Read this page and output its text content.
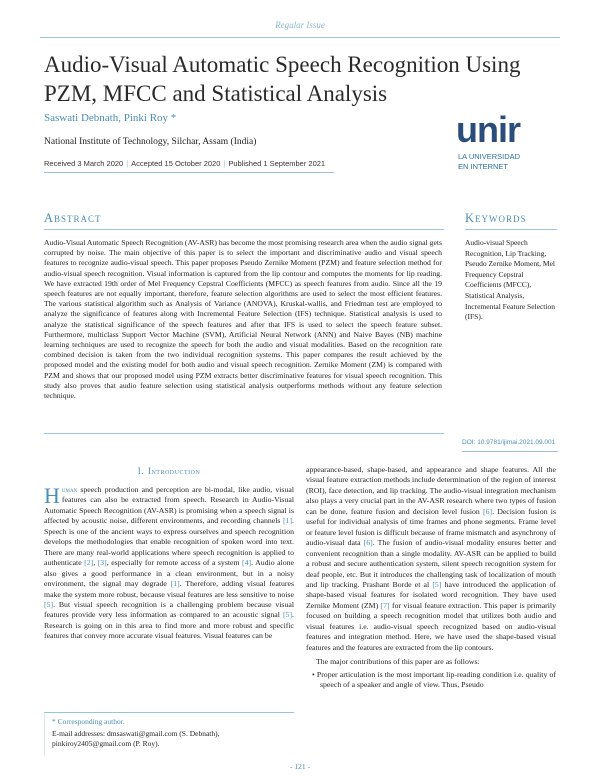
Regular Issue
Audio-Visual Automatic Speech Recognition Using
PZM, MFCC and Statistical Analysis
Saswati Debnath, Pinki Roy *
National Institute of Technology, Silchar, Assam (India)	unir
LA UNIVERSIDAD
EN INTERNET
Received 3 March 2020 | Accepted 15 October 2020 | Published 1 September 2021
Abstract	Keywords
Audio-Visual Automatic Speech Recognition (AV-ASR) has become the most promising research area when the audio signal gets corrupted by noise. The main objective of this paper is to select the important and discriminative audio and visual speech features to recognize audio-visual speech. This paper proposes Pseudo Zernike Moment (PZM) and feature selection method for audio-visual speech recognition. Visual information is captured from the lip contour and computes the moments for lip reading. We have extracted 19th order of Mel Frequency Cepstral Coefficients (MFCC) as speech features from audio. Since all the 19 speech features are not equally important, therefore, feature selection algorithms are used to select the most efficient features. The various statistical algorithm such as Analysis of Variance (ANOVA), Kruskal-wallis, and Friedman test are employed to analyze the significance of features along with Incremental Feature Selection (IFS) technique. Statistical analysis is used to analyze the statistical significance of the speech features and after that IFS is used to select the speech feature subset. Furthermore, multiclass Support Vector Machine (SVM), Artificial Neural Network (ANN) and Naive Bayes (NB) machine learning techniques are used to recognize the speech for both the audio and visual modalities. Based on the recognition rate combined decision is taken from the two individual recognition systems. This paper compares the result achieved by the proposed model and the existing model for both audio and visual speech recognition. Zernike Moment (ZM) is compared with PZM and shows that our proposed model using PZM extracts better discriminative features for visual speech recognition. This study also proves that audio feature selection using statistical analysis outperforms methods without any feature selection technique.
Audio-visual Speech Recognition, Lip Tracking, Pseudo Zernike Moment, Mel Frequency Cepstral Coefficients (MFCC), Statistical Analysis, Incremental Feature Selection (IFS).
DOI: 10.9781/ijimai.2021.09.001
I. Introduction
Human speech production and perception are bi-modal, like audio, visual features can also be extracted from speech. Research in Audio-Visual Automatic Speech Recognition (AV-ASR) is promising when a speech signal is affected by acoustic noise, different environments, and recording channels [1]. Speech is one of the ancient ways to express ourselves and speech recognition develops the methodologies that enable recognition of spoken word into text. There are many real-world applications where speech recognition is applied to authenticate [2], [3], especially for remote access of a system [4]. Audio alone also gives a good performance in a clean environment, but in a noisy environment, the signal may degrade [1]. Therefore, adding visual features make the system more robust, because visual features are less sensitive to noise [5]. But visual speech recognition is a challenging problem because visual features provide very less information as compared to an acoustic signal [5]. Research is going on in this area to find more and more robust and specific features that convey more accurate visual features. Visual features can be
appearance-based, shape-based, and appearance and shape features. All the visual feature extraction methods include determination of the region of interest (ROI), face detection, and lip tracking. The audio-visual integration mechanism also plays a very crucial part in the AV-ASR research where two types of fusion can be done, feature fusion and decision level fusion [6]. Decision fusion is useful for individual analysis of time frames and phone segments. Frame level or feature level fusion is difficult because of frame mismatch and asynchrony of audio-visual data [6]. The fusion of audio-visual modality ensures better and convenient recognition than a single modality. AV-ASR can be applied to build a robust and secure authentication system, silent speech recognition system for deaf people, etc. But it introduces the challenging task of localization of mouth and lip tracking. Prashant Borde et al [5] have introduced the application of shape-based visual features for isolated word recognition. They have used Zernike Moment (ZM) [7] for visual feature extraction. This paper is primarily focused on building a speech recognition model that utilizes both audio and visual features i.e. audio-visual speech recognized based on audio-visual features and integration method. Here, we have used the shape-based visual features and the features are extracted from the lip contours.
The major contributions of this paper are as follows:
• Proper articulation is the most important lip-reading condition i.e. quality of speech of a speaker and angle of view. Thus, Pseudo
* Corresponding author.
E-mail addresses: dmsaswati@gmail.com (S. Debnath), pinkiroy2405@gmail.com (P. Roy).
- 121 -
